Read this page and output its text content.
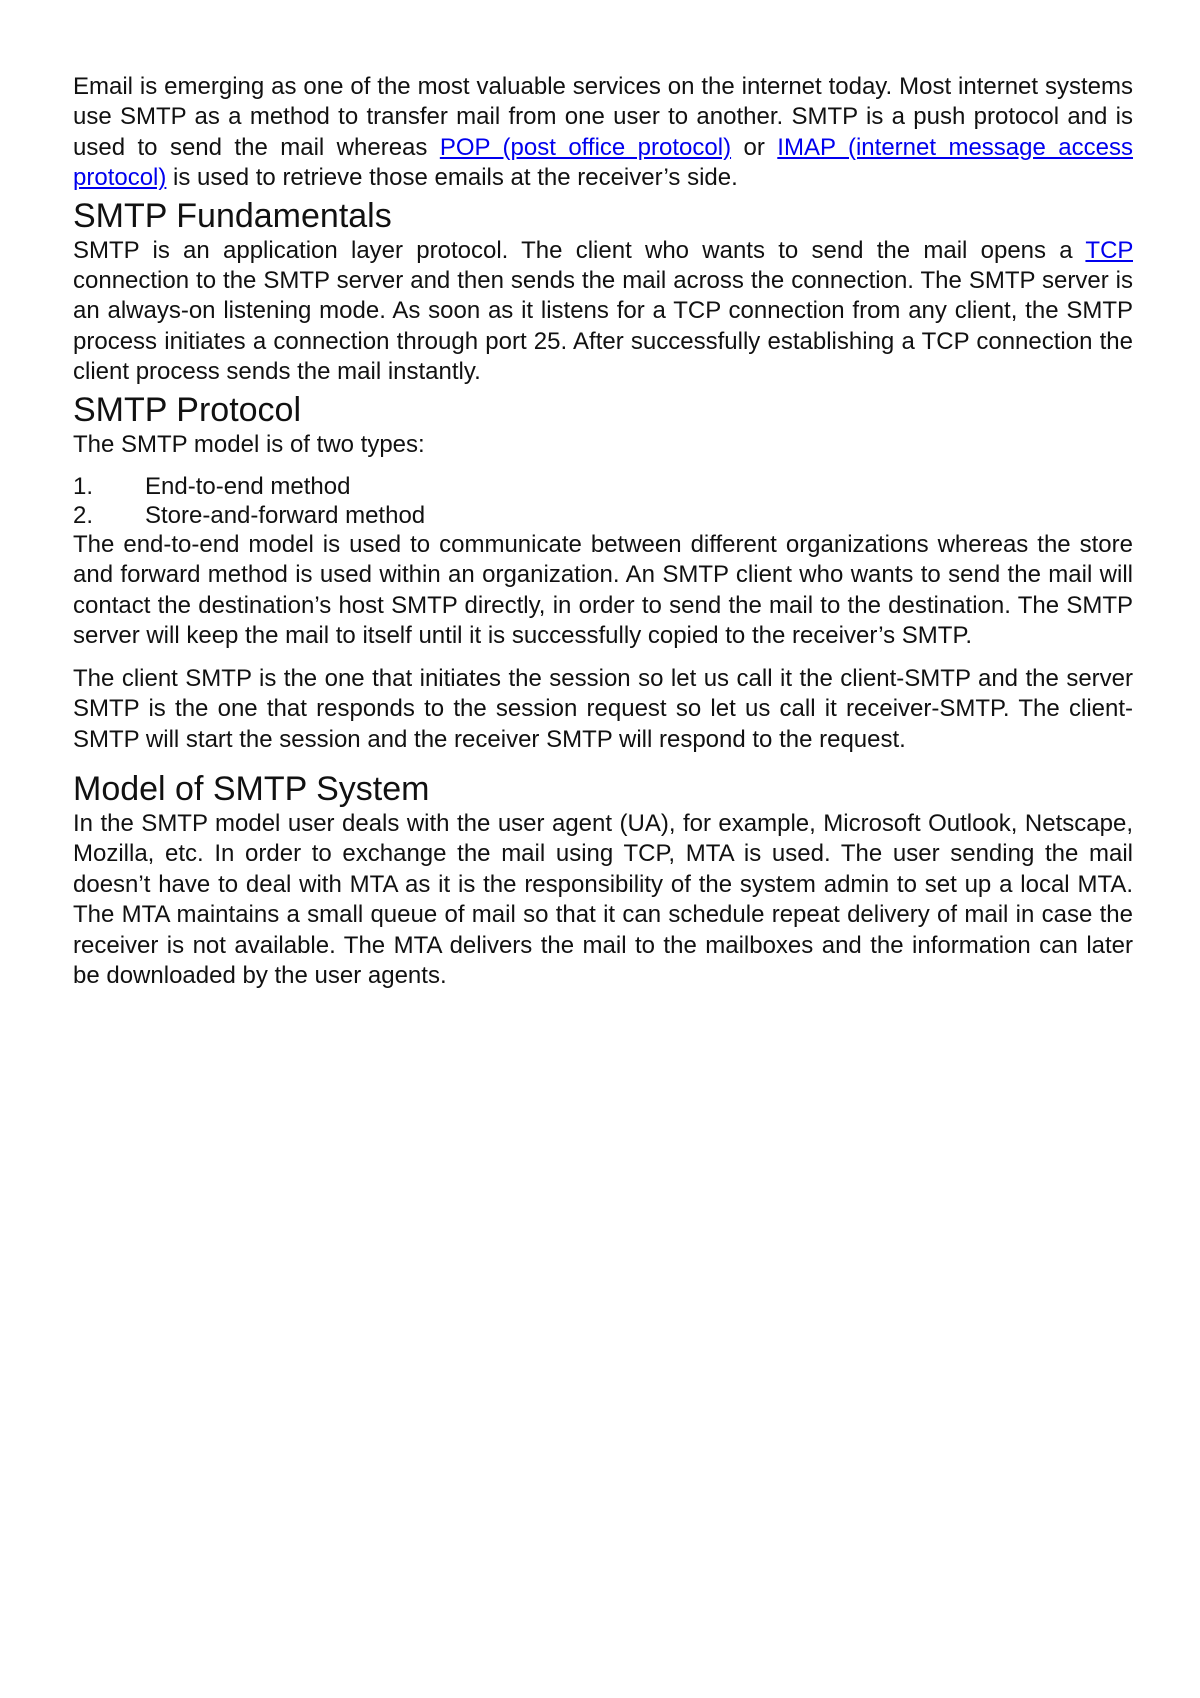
Email is emerging as one of the most valuable services on the internet today. Most internet systems use SMTP as a method to transfer mail from one user to another. SMTP is a push protocol and is used to send the mail whereas POP (post office protocol) or IMAP (internet message access protocol) is used to retrieve those emails at the receiver’s side.

SMTP Fundamentals

SMTP is an application layer protocol. The client who wants to send the mail opens a TCP connection to the SMTP server and then sends the mail across the connection. The SMTP server is an always-on listening mode. As soon as it listens for a TCP connection from any client, the SMTP process initiates a connection through port 25. After successfully establishing a TCP connection the client process sends the mail instantly.

SMTP Protocol

The SMTP model is of two types:

1.	End-to-end method
2.	Store-and-forward method

The end-to-end model is used to communicate between different organizations whereas the store and forward method is used within an organization. An SMTP client who wants to send the mail will contact the destination’s host SMTP directly, in order to send the mail to the destination. The SMTP server will keep the mail to itself until it is successfully copied to the receiver’s SMTP.

The client SMTP is the one that initiates the session so let us call it the client-SMTP and the server SMTP is the one that responds to the session request so let us call it receiver-SMTP. The client-SMTP will start the session and the receiver SMTP will respond to the request.

Model of SMTP System

In the SMTP model user deals with the user agent (UA), for example, Microsoft Outlook, Netscape, Mozilla, etc. In order to exchange the mail using TCP, MTA is used. The user sending the mail doesn’t have to deal with MTA as it is the responsibility of the system admin to set up a local MTA. The MTA maintains a small queue of mail so that it can schedule repeat delivery of mail in case the receiver is not available. The MTA delivers the mail to the mailboxes and the information can later be downloaded by the user agents.
